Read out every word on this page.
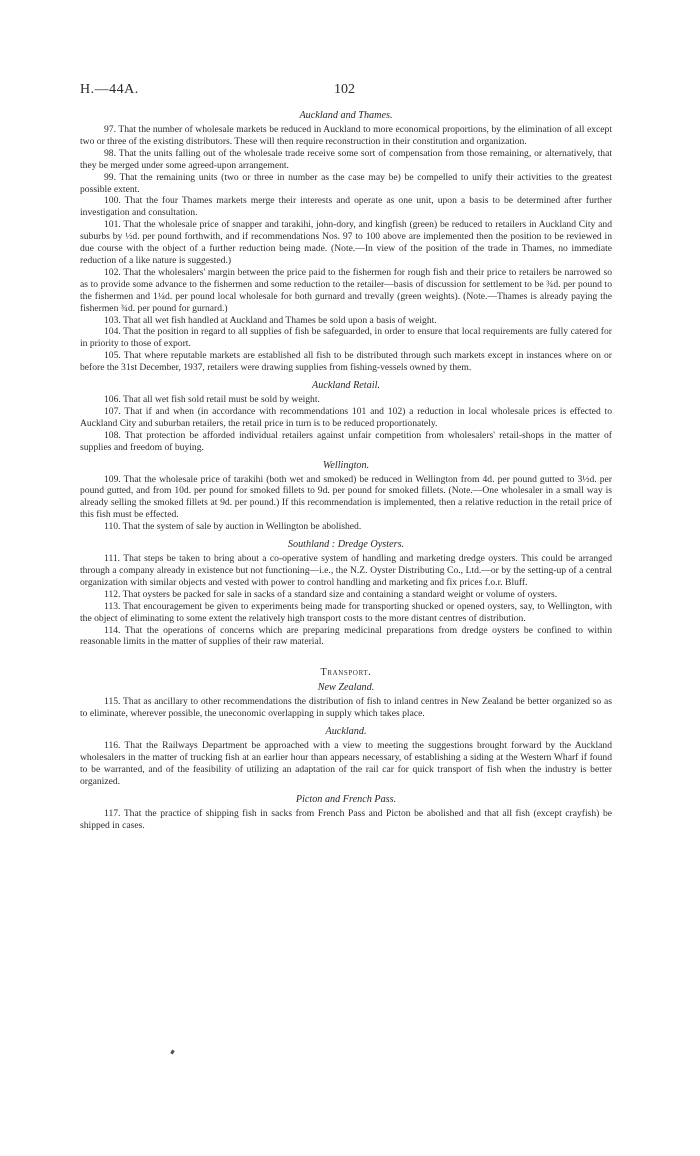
H.—44A.	102
Auckland and Thames.

97. That the number of wholesale markets be reduced in Auckland to more economical proportions, by the elimination of all except two or three of the existing distributors. These will then require reconstruction in their constitution and organization.

98. That the units falling out of the wholesale trade receive some sort of compensation from those remaining, or alternatively, that they be merged under some agreed-upon arrangement.

99. That the remaining units (two or three in number as the case may be) be compelled to unify their activities to the greatest possible extent.

100. That the four Thames markets merge their interests and operate as one unit, upon a basis to be determined after further investigation and consultation.

101. That the wholesale price of snapper and tarakihi, john-dory, and kingfish (green) be reduced to retailers in Auckland City and suburbs by ½d. per pound forthwith, and if recommendations Nos. 97 to 100 above are implemented then the position to be reviewed in due course with the object of a further reduction being made. (Note.—In view of the position of the trade in Thames, no immediate reduction of a like nature is suggested.)

102. That the wholesalers' margin between the price paid to the fishermen for rough fish and their price to retailers be narrowed so as to provide some advance to the fishermen and some reduction to the retailer—basis of discussion for settlement to be ¾d. per pound to the fishermen and 1¼d. per pound local wholesale for both gurnard and trevally (green weights). (Note.—Thames is already paying the fishermen ¾d. per pound for gurnard.)

103. That all wet fish handled at Auckland and Thames be sold upon a basis of weight.

104. That the position in regard to all supplies of fish be safeguarded, in order to ensure that local requirements are fully catered for in priority to those of export.

105. That where reputable markets are established all fish to be distributed through such markets except in instances where on or before the 31st December, 1937, retailers were drawing supplies from fishing-vessels owned by them.

Auckland Retail.

106. That all wet fish sold retail must be sold by weight.

107. That if and when (in accordance with recommendations 101 and 102) a reduction in local wholesale prices is effected to Auckland City and suburban retailers, the retail price in turn is to be reduced proportionately.

108. That protection be afforded individual retailers against unfair competition from wholesalers' retail-shops in the matter of supplies and freedom of buying.

Wellington.

109. That the wholesale price of tarakihi (both wet and smoked) be reduced in Wellington from 4d. per pound gutted to 3½d. per pound gutted, and from 10d. per pound for smoked fillets to 9d. per pound for smoked fillets. (Note.—One wholesaler in a small way is already selling the smoked fillets at 9d. per pound.) If this recommendation is implemented, then a relative reduction in the retail price of this fish must be effected.

110. That the system of sale by auction in Wellington be abolished.

Southland : Dredge Oysters.

111. That steps be taken to bring about a co-operative system of handling and marketing dredge oysters. This could be arranged through a company already in existence but not functioning—i.e., the N.Z. Oyster Distributing Co., Ltd.—or by the setting-up of a central organization with similar objects and vested with power to control handling and marketing and fix prices f.o.r. Bluff.

112. That oysters be packed for sale in sacks of a standard size and containing a standard weight or volume of oysters.

113. That encouragement be given to experiments being made for transporting shucked or opened oysters, say, to Wellington, with the object of eliminating to some extent the relatively high transport costs to the more distant centres of distribution.

114. That the operations of concerns which are preparing medicinal preparations from dredge oysters be confined to within reasonable limits in the matter of supplies of their raw material.

Transport.
New Zealand.

115. That as ancillary to other recommendations the distribution of fish to inland centres in New Zealand be better organized so as to eliminate, wherever possible, the uneconomic overlapping in supply which takes place.

Auckland.

116. That the Railways Department be approached with a view to meeting the suggestions brought forward by the Auckland wholesalers in the matter of trucking fish at an earlier hour than appears necessary, of establishing a siding at the Western Wharf if found to be warranted, and of the feasibility of utilizing an adaptation of the rail car for quick transport of fish when the industry is better organized.

Picton and French Pass.

117. That the practice of shipping fish in sacks from French Pass and Picton be abolished and that all fish (except crayfish) be shipped in cases.
